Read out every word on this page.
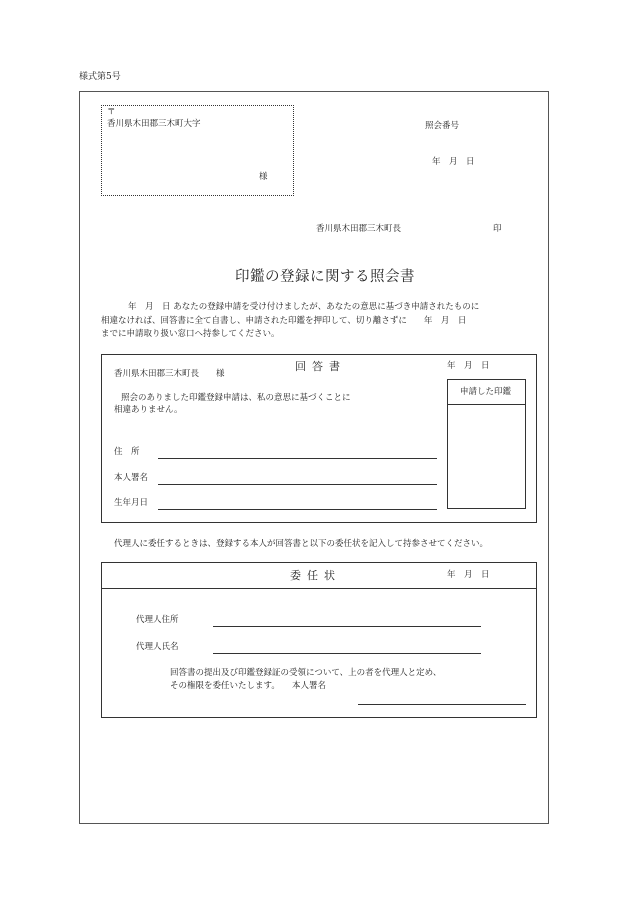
様式第5号
〒
香川県木田郡三木町大字
様
照会番号
年　月　日
香川県木田郡三木町長	印
印鑑の登録に関する照会書
年　月　日 あなたの登録申請を受け付けましたが、あなたの意思に基づき申請されたものに
相違なければ、回答書に全て自書し、申請された印鑑を押印して、切り離さずに　　年　月　日
までに申請取り扱い窓口へ持参してください。
回答書	年　月　日
香川県木田郡三木町長　　様
申請した印鑑
照会のありました印鑑登録申請は、私の意思に基づくことに
相違ありません。
住　所
本人署名
生年月日
代理人に委任するときは、登録する本人が回答書と以下の委任状を記入して持参させてください。
委任状	年　月　日
代理人住所
代理人氏名
回答書の提出及び印鑑登録証の受領について、上の者を代理人と定め、
その権限を委任いたします。 本人署名
